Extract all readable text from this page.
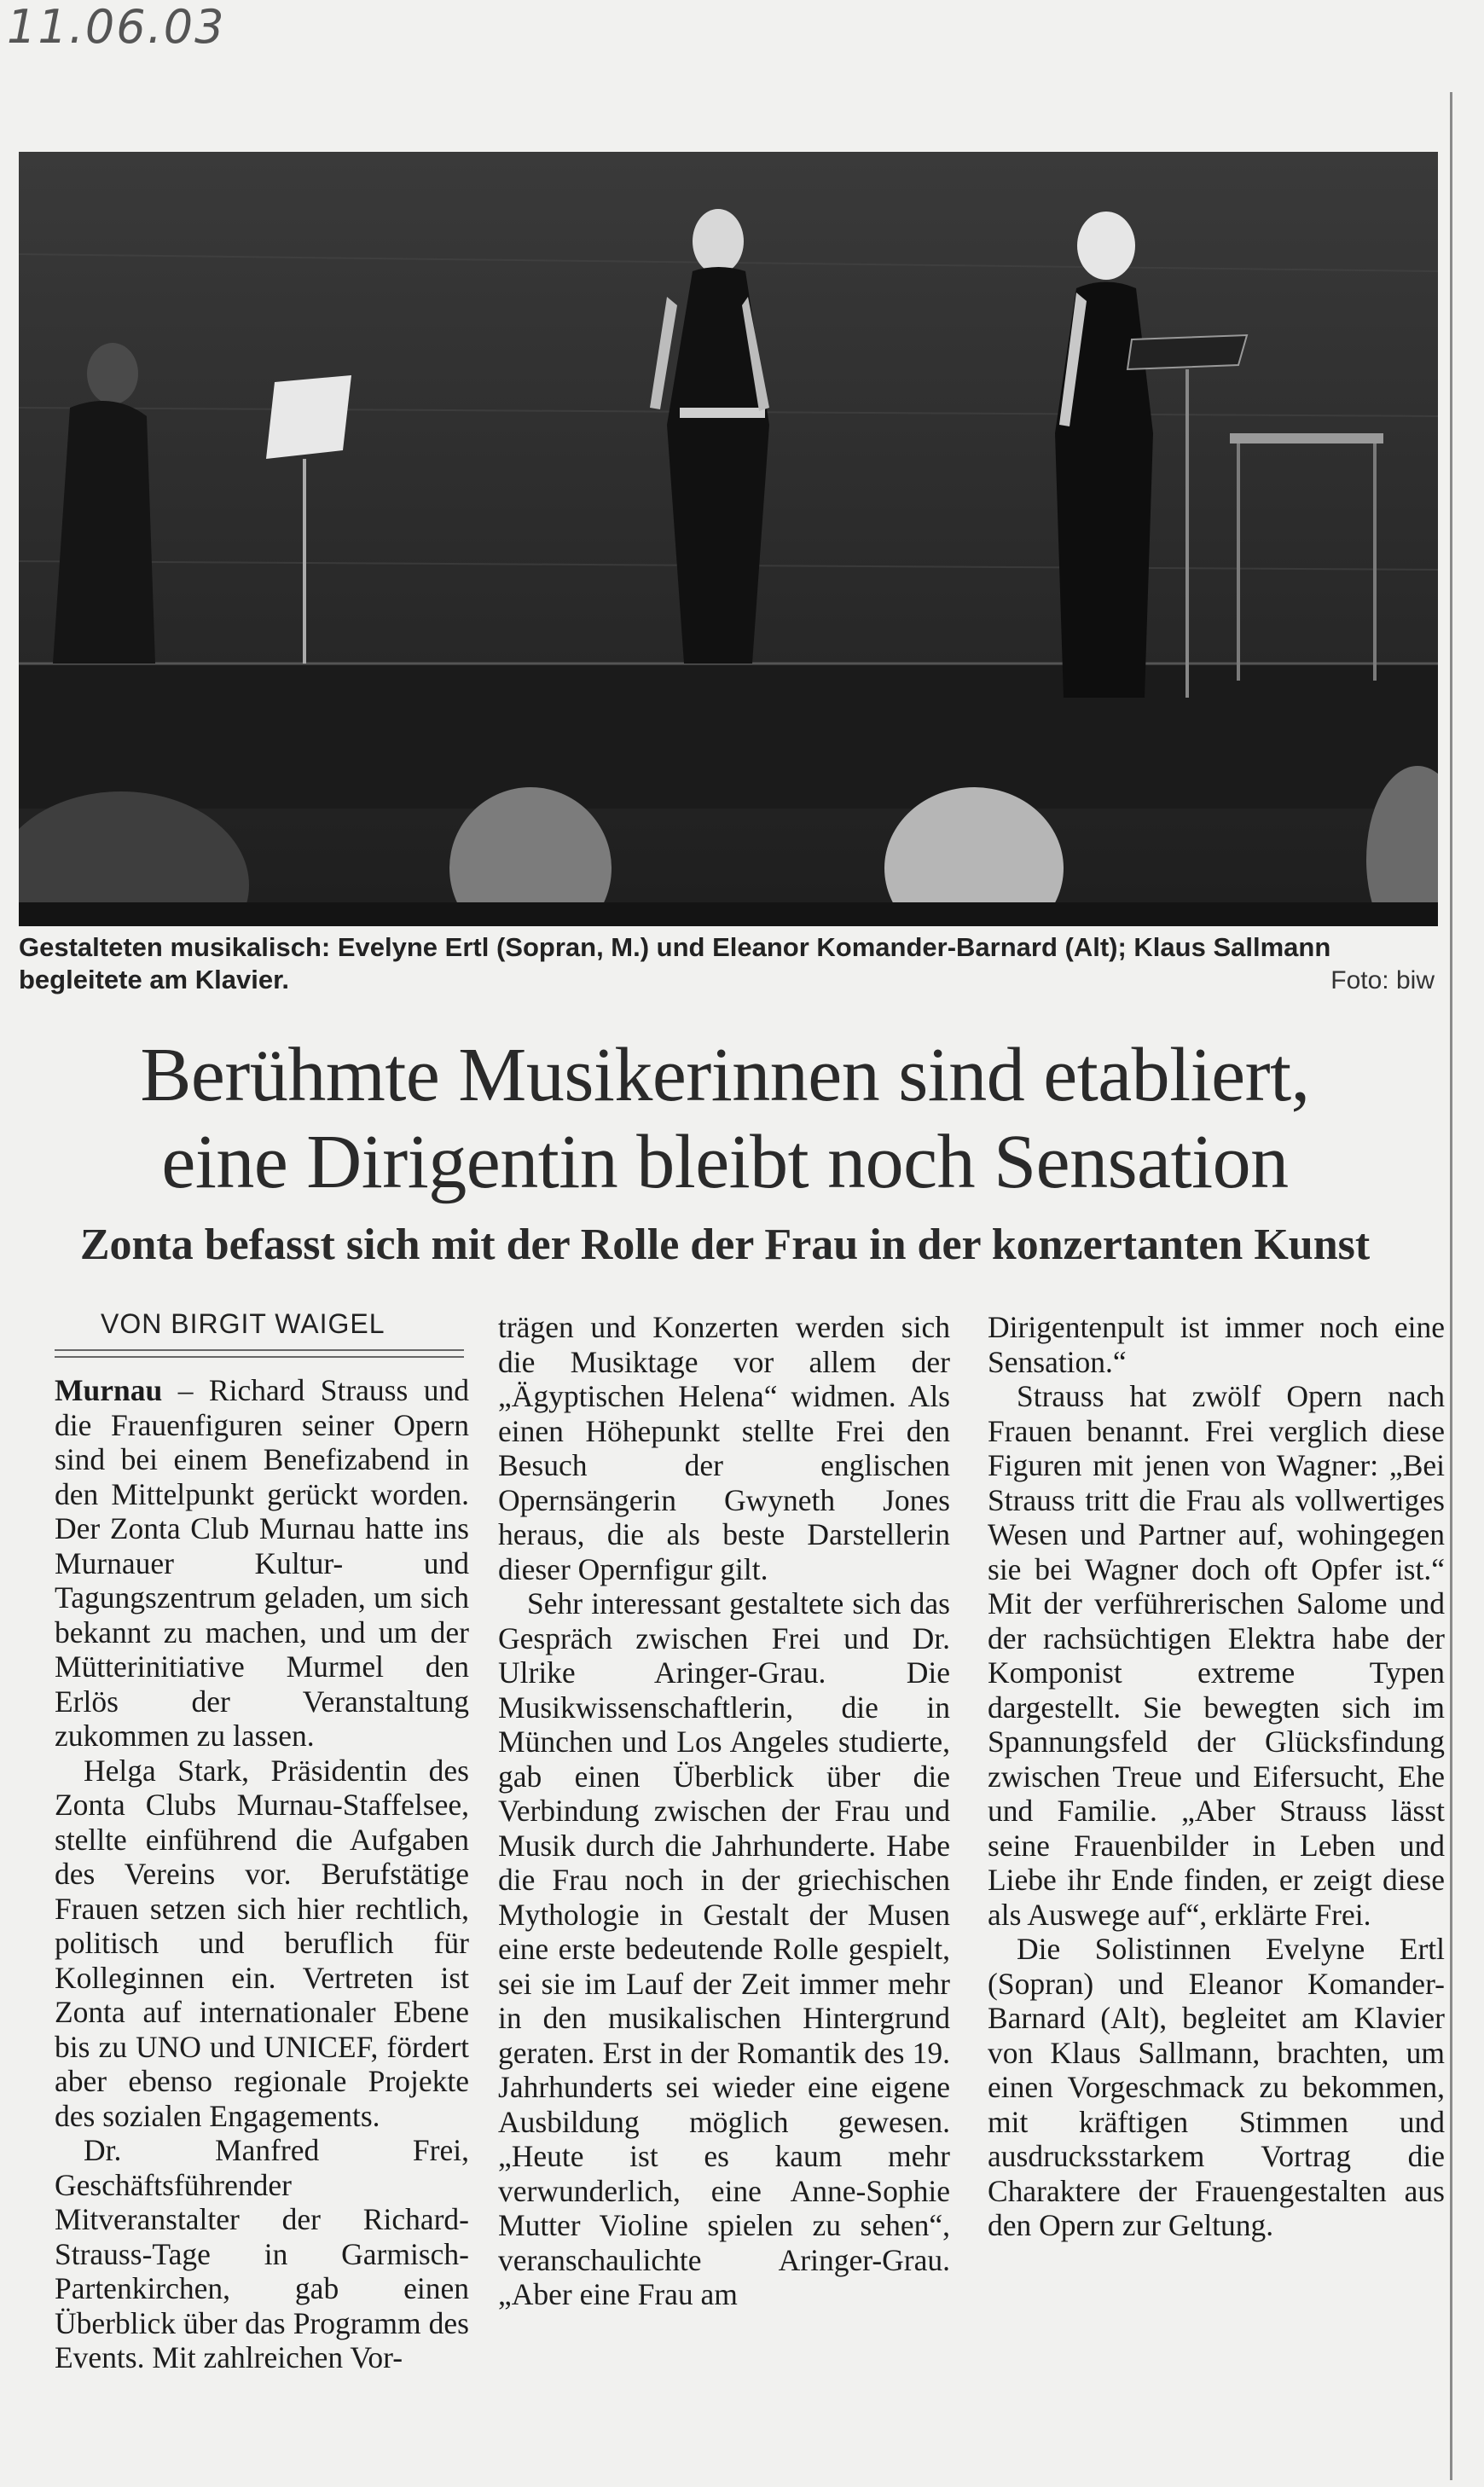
11.06.03
Gestalteten musikalisch: Evelyne Ertl (Sopran, M.) und Eleanor Komander-Barnard (Alt); Klaus Sallmann begleitete am Klavier.	Foto: biw
Berühmte Musikerinnen sind etabliert,
eine Dirigentin bleibt noch Sensation
Zonta befasst sich mit der Rolle der Frau in der konzertanten Kunst
VON BIRGIT WAIGEL

Murnau – Richard Strauss und die Frauenfiguren seiner Opern sind bei einem Benefizabend in den Mittelpunkt gerückt worden. Der Zonta Club Murnau hatte ins Murnauer Kultur- und Tagungszentrum geladen, um sich bekannt zu machen, und um der Mütterinitiative Murmel den Erlös der Veranstaltung zukommen zu lassen.

Helga Stark, Präsidentin des Zonta Clubs Murnau-Staffelsee, stellte einführend die Aufgaben des Vereins vor. Berufstätige Frauen setzen sich hier rechtlich, politisch und beruflich für Kolleginnen ein. Vertreten ist Zonta auf internationaler Ebene bis zu UNO und UNICEF, fördert aber ebenso regionale Projekte des sozialen Engagements.

Dr. Manfred Frei, Geschäftsführender Mitveranstalter der Richard-Strauss-Tage in Garmisch-Partenkirchen, gab einen Überblick über das Programm des Events. Mit zahlreichen Vor-

trägen und Konzerten werden sich die Musiktage vor allem der „Ägyptischen Helena“ widmen. Als einen Höhepunkt stellte Frei den Besuch der englischen Opernsängerin Gwyneth Jones heraus, die als beste Darstellerin dieser Opernfigur gilt.

Sehr interessant gestaltete sich das Gespräch zwischen Frei und Dr. Ulrike Aringer-Grau. Die Musikwissenschaftlerin, die in München und Los Angeles studierte, gab einen Überblick über die Verbindung zwischen der Frau und Musik durch die Jahrhunderte. Habe die Frau noch in der griechischen Mythologie in Gestalt der Musen eine erste bedeutende Rolle gespielt, sei sie im Lauf der Zeit immer mehr in den musikalischen Hintergrund geraten. Erst in der Romantik des 19. Jahrhunderts sei wieder eine eigene Ausbildung möglich gewesen. „Heute ist es kaum mehr verwunderlich, eine Anne-Sophie Mutter Violine spielen zu sehen“, veranschaulichte Aringer-Grau. „Aber eine Frau am

Dirigentenpult ist immer noch eine Sensation.“

Strauss hat zwölf Opern nach Frauen benannt. Frei verglich diese Figuren mit jenen von Wagner: „Bei Strauss tritt die Frau als vollwertiges Wesen und Partner auf, wohingegen sie bei Wagner doch oft Opfer ist.“ Mit der verführerischen Salome und der rachsüchtigen Elektra habe der Komponist extreme Typen dargestellt. Sie bewegten sich im Spannungsfeld der Glücksfindung zwischen Treue und Eifersucht, Ehe und Familie. „Aber Strauss lässt seine Frauenbilder in Leben und Liebe ihr Ende finden, er zeigt diese als Auswege auf“, erklärte Frei.

Die Solistinnen Evelyne Ertl (Sopran) und Eleanor Komander-Barnard (Alt), begleitet am Klavier von Klaus Sallmann, brachten, um einen Vorgeschmack zu bekommen, mit kräftigen Stimmen und ausdrucksstarkem Vortrag die Charaktere der Frauengestalten aus den Opern zur Geltung.
